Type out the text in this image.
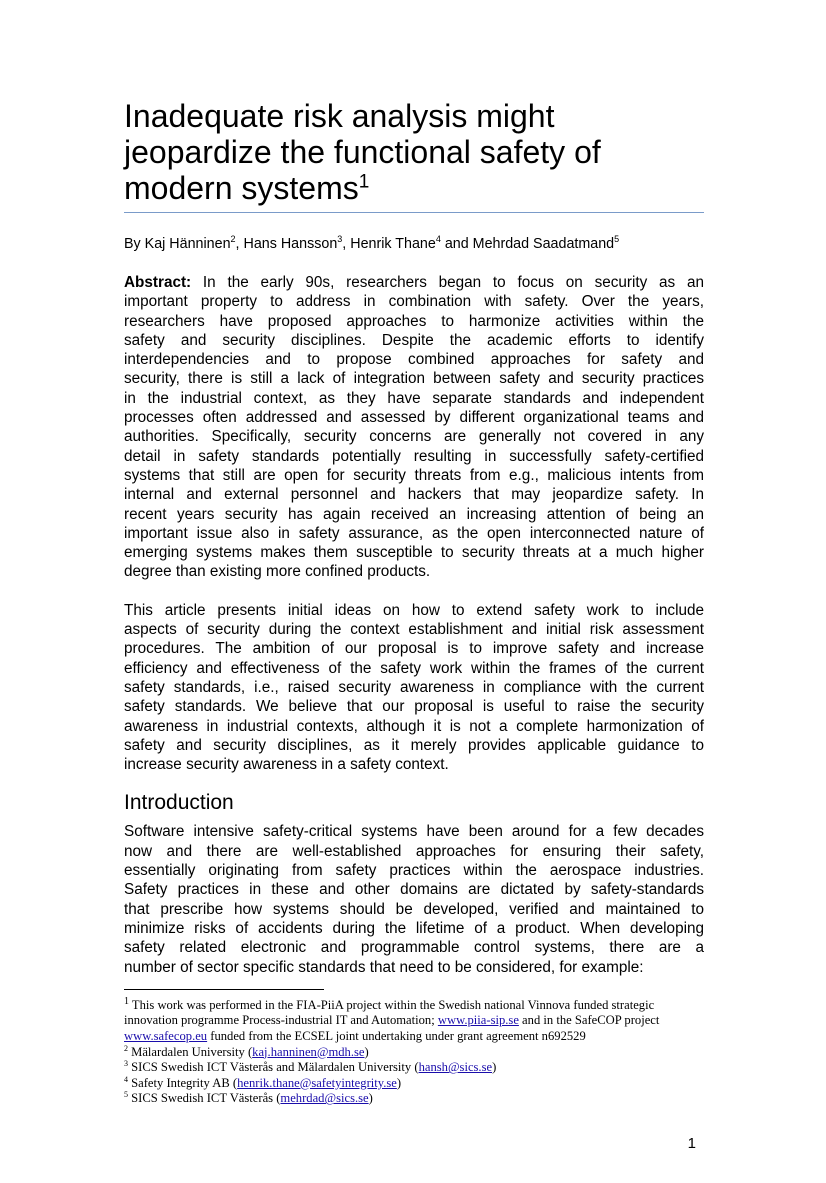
Inadequate risk analysis might jeopardize the functional safety of modern systems$^1$
By Kaj Hänninen$^2$, Hans Hansson$^3$, Henrik Thane$^4$ and Mehrdad Saadatmand$^5$
Abstract: In the early 90s, researchers began to focus on security as an
important property to address in combination with safety. Over the years,
researchers have proposed approaches to harmonize activities within the
safety and security disciplines. Despite the academic efforts to identify
interdependencies and to propose combined approaches for safety and
security, there is still a lack of integration between safety and security practices
in the industrial context, as they have separate standards and independent
processes often addressed and assessed by different organizational teams and
authorities. Specifically, security concerns are generally not covered in any
detail in safety standards potentially resulting in successfully safety-certified
systems that still are open for security threats from e.g., malicious intents from
internal and external personnel and hackers that may jeopardize safety. In
recent years security has again received an increasing attention of being an
important issue also in safety assurance, as the open interconnected nature of
emerging systems makes them susceptible to security threats at a much higher
degree than existing more confined products.
This article presents initial ideas on how to extend safety work to include
aspects of security during the context establishment and initial risk assessment
procedures. The ambition of our proposal is to improve safety and increase
efficiency and effectiveness of the safety work within the frames of the current
safety standards, i.e., raised security awareness in compliance with the current
safety standards. We believe that our proposal is useful to raise the security
awareness in industrial contexts, although it is not a complete harmonization of
safety and security disciplines, as it merely provides applicable guidance to
increase security awareness in a safety context.
Introduction
Software intensive safety-critical systems have been around for a few decades
now and there are well-established approaches for ensuring their safety,
essentially originating from safety practices within the aerospace industries.
Safety practices in these and other domains are dictated by safety-standards
that prescribe how systems should be developed, verified and maintained to
minimize risks of accidents during the lifetime of a product. When developing
safety related electronic and programmable control systems, there are a
number of sector specific standards that need to be considered, for example:
$^1$ This work was performed in the FIA-PiiA project within the Swedish national Vinnova funded strategic innovation programme Process-industrial IT and Automation; www.piia-sip.se and in the SafeCOP project www.safecop.eu funded from the ECSEL joint undertaking under grant agreement n692529
$^2$ Mälardalen University (kaj.hanninen@mdh.se)
$^3$ SICS Swedish ICT Västerås and Mälardalen University (hansh@sics.se)
$^4$ Safety Integrity AB (henrik.thane@safetyintegrity.se)
$^5$ SICS Swedish ICT Västerås (mehrdad@sics.se)
1
